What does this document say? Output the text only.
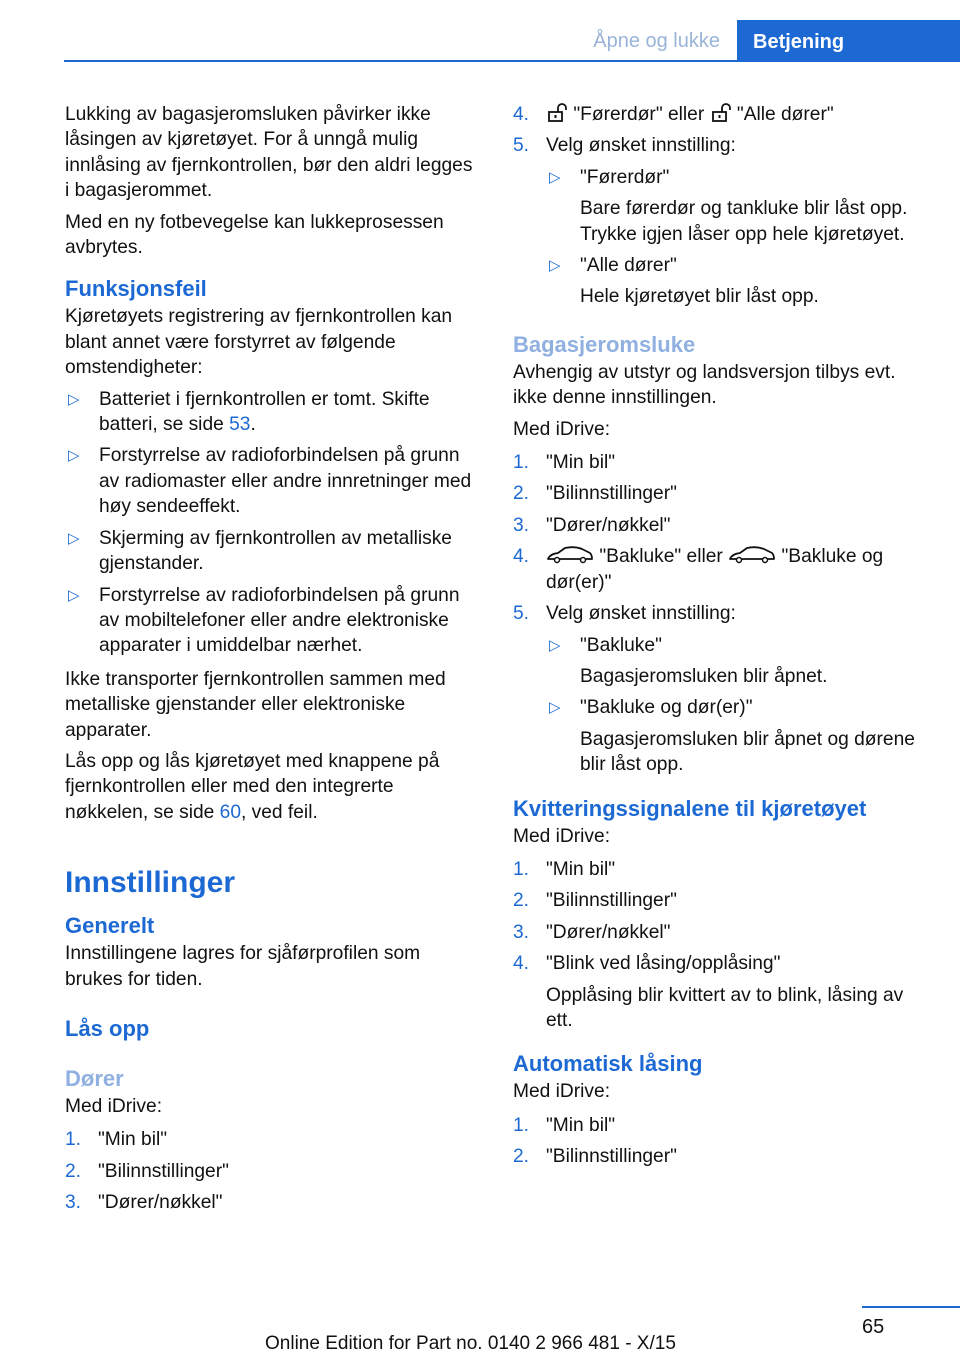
Åpne og lukke	Betjening

Lukking av bagasjeromsluken påvirker ikke låsingen av kjøretøyet. For å unngå mulig innlåsing av fjernkontrollen, bør den aldri legges i bagasjerommet.

Med en ny fotbevegelse kan lukkeprosessen avbrytes.

Funksjonsfeil

Kjøretøyets registrering av fjernkontrollen kan blant annet være forstyrret av følgende omstendigheter:

▷ Batteriet i fjernkontrollen er tomt. Skifte batteri, se side 53.
▷ Forstyrrelse av radioforbindelsen på grunn av radiomaster eller andre innretninger med høy sendeeffekt.
▷ Skjerming av fjernkontrollen av metalliske gjenstander.
▷ Forstyrrelse av radioforbindelsen på grunn av mobiltelefoner eller andre elektroniske apparater i umiddelbar nærhet.

Ikke transporter fjernkontrollen sammen med metalliske gjenstander eller elektroniske apparater.

Lås opp og lås kjøretøyet med knappene på fjernkontrollen eller med den integrerte nøkkelen, se side 60, ved feil.

Innstillinger
Generelt

Innstillingene lagres for sjåførprofilen som brukes for tiden.

Lås opp
Dører

Med iDrive:

1. "Min bil"
2. "Bilinnstillinger"
3. "Dører/nøkkel"
4. "Førerdør" eller  "Alle dører"
5. Velg ønsket innstilling:
▷ "Førerdør"
Bare førerdør og tankluke blir låst opp. Trykke igjen låser opp hele kjøretøyet.
▷ "Alle dører"
Hele kjøretøyet blir låst opp.
Bagasjeromsluke

Avhengig av utstyr og landsversjon tilbys evt. ikke denne innstillingen.

Med iDrive:

1. "Min bil"
2. "Bilinnstillinger"
3. "Dører/nøkkel"
4.	"Bakluke" eller	"Bakluke og dør(er)"
5. Velg ønsket innstilling:
▷ "Bakluke"
Bagasjeromsluken blir åpnet.
▷ "Bakluke og dør(er)"
Bagasjeromsluken blir åpnet og dørene blir låst opp.
Kvitteringssignalene til kjøretøyet

Med iDrive:

1. "Min bil"
2. "Bilinnstillinger"
3. "Dører/nøkkel"
4. "Blink ved låsing/opplåsing"
Opplåsing blir kvittert av to blink, låsing av ett.
Automatisk låsing

Med iDrive:

1. "Min bil"
2. "Bilinnstillinger"
65
Online Edition for Part no. 0140 2 966 481 - X/15
